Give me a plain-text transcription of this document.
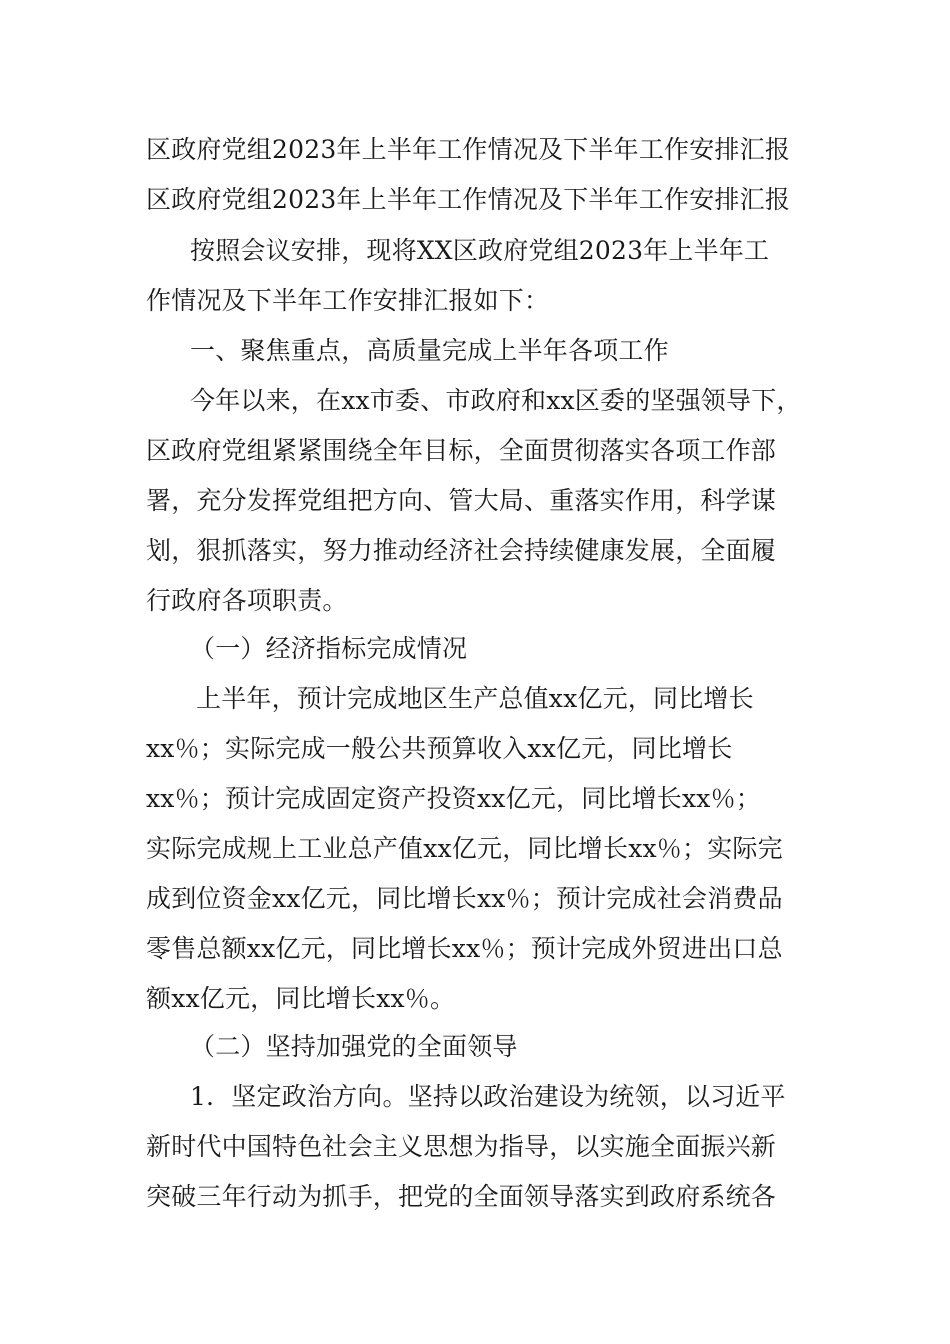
区政府党组2023年上半年工作情况及下半年工作安排汇报
区政府党组2023年上半年工作情况及下半年工作安排汇报
按照会议安排，现将XX区政府党组2023年上半年工
作情况及下半年工作安排汇报如下：
一、聚焦重点，高质量完成上半年各项工作
今年以来，在xx市委、市政府和xx区委的坚强领导下，
区政府党组紧紧围绕全年目标，全面贯彻落实各项工作部
署，充分发挥党组把方向、管大局、重落实作用，科学谋
划，狠抓落实，努力推动经济社会持续健康发展，全面履
行政府各项职责。
（一）经济指标完成情况
上半年，预计完成地区生产总值xx亿元，同比增长
xx％；实际完成一般公共预算收入xx亿元，同比增长
xx％；预计完成固定资产投资xx亿元，同比增长xx％；
实际完成规上工业总产值xx亿元，同比增长xx％；实际完
成到位资金xx亿元，同比增长xx％；预计完成社会消费品
零售总额xx亿元，同比增长xx％；预计完成外贸进出口总
额xx亿元，同比增长xx％。
（二）坚持加强党的全面领导
1．坚定政治方向。坚持以政治建设为统领，以习近平
新时代中国特色社会主义思想为指导，以实施全面振兴新
突破三年行动为抓手，把党的全面领导落实到政府系统各
